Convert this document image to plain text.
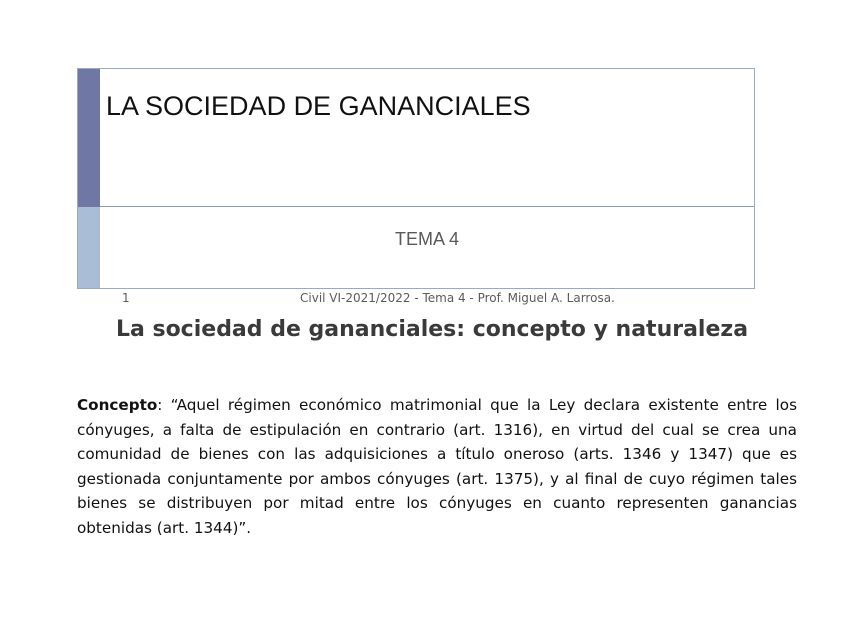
LA SOCIEDAD DE GANANCIALES
TEMA 4
1	Civil VI-2021/2022 - Tema 4 - Prof. Miguel A. Larrosa.
La sociedad de gananciales: concepto y naturaleza
Concepto: “Aquel régimen económico matrimonial que la Ley declara existente entre los cónyuges, a falta de estipulación en contrario (art. 1316), en virtud del cual se crea una comunidad de bienes con las adquisiciones a título oneroso (arts. 1346 y 1347) que es gestionada conjuntamente por ambos cónyuges (art. 1375), y al final de cuyo régimen tales bienes se distribuyen por mitad entre los cónyuges en cuanto representen ganancias obtenidas (art. 1344)”.
